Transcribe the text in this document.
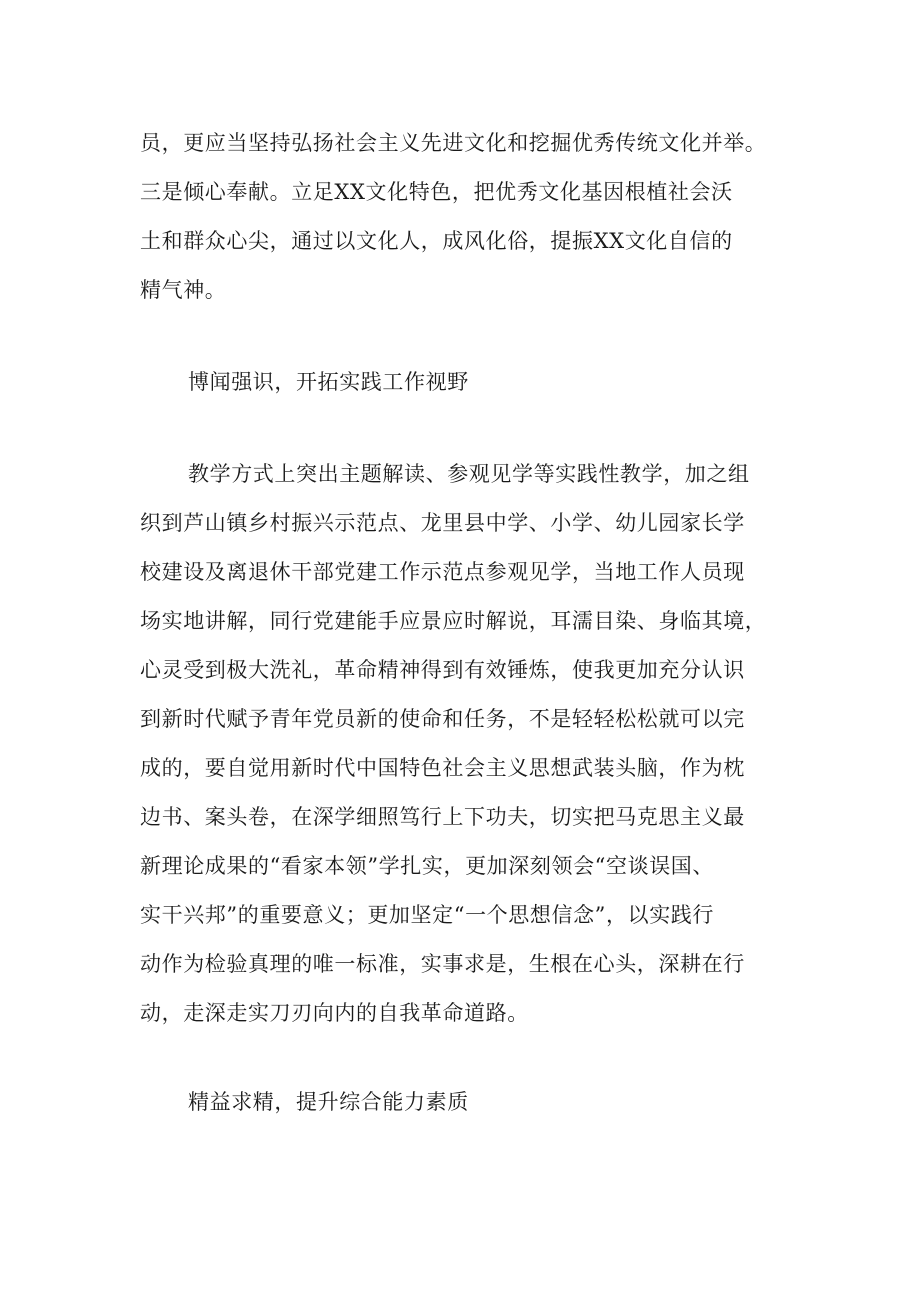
员，更应当坚持弘扬社会主义先进文化和挖掘优秀传统文化并举。
三是倾心奉献。立足XX文化特色，把优秀文化基因根植社会沃
土和群众心尖，通过以文化人，成风化俗，提振XX文化自信的
精气神。
博闻强识，开拓实践工作视野
教学方式上突出主题解读、参观见学等实践性教学，加之组
织到芦山镇乡村振兴示范点、龙里县中学、小学、幼儿园家长学
校建设及离退休干部党建工作示范点参观见学，当地工作人员现
场实地讲解，同行党建能手应景应时解说，耳濡目染、身临其境，
心灵受到极大洗礼，革命精神得到有效锤炼，使我更加充分认识
到新时代赋予青年党员新的使命和任务，不是轻轻松松就可以完
成的，要自觉用新时代中国特色社会主义思想武装头脑，作为枕
边书、案头卷，在深学细照笃行上下功夫，切实把马克思主义最
新理论成果的“看家本领”学扎实，更加深刻领会“空谈误国、
实干兴邦”的重要意义；更加坚定“一个思想信念”，以实践行
动作为检验真理的唯一标准，实事求是，生根在心头，深耕在行
动，走深走实刀刃向内的自我革命道路。
精益求精，提升综合能力素质
